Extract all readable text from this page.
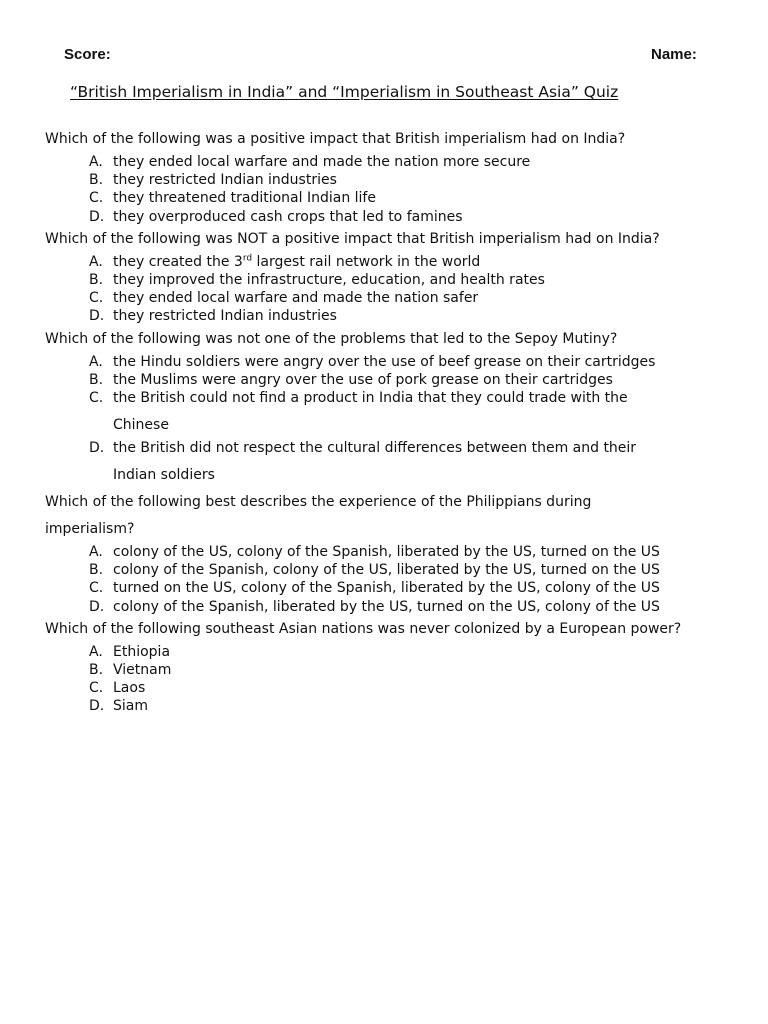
Score:	Name:
“British Imperialism in India” and “Imperialism in Southeast Asia” Quiz

Which of the following was a positive impact that British imperialism had on India?

A. they ended local warfare and made the nation more secure
B. they restricted Indian industries
C. they threatened traditional Indian life
D. they overproduced cash crops that led to famines

Which of the following was NOT a positive impact that British imperialism had on India?

A. they created the 3rd largest rail network in the world
B. they improved the infrastructure, education, and health rates
C. they ended local warfare and made the nation safer
D. they restricted Indian industries

Which of the following was not one of the problems that led to the Sepoy Mutiny?

A. the Hindu soldiers were angry over the use of beef grease on their cartridges
B. the Muslims were angry over the use of pork grease on their cartridges
C. the British could not find a product in India that they could trade with the Chinese
D. the British did not respect the cultural differences between them and their Indian soldiers

Which of the following best describes the experience of the Philippians during imperialism?

A. colony of the US, colony of the Spanish, liberated by the US, turned on the US
B. colony of the Spanish, colony of the US, liberated by the US, turned on the US
C. turned on the US, colony of the Spanish, liberated by the US, colony of the US
D. colony of the Spanish, liberated by the US, turned on the US, colony of the US

Which of the following southeast Asian nations was never colonized by a European power?

A. Ethiopia
B. Vietnam
C. Laos
D. Siam
